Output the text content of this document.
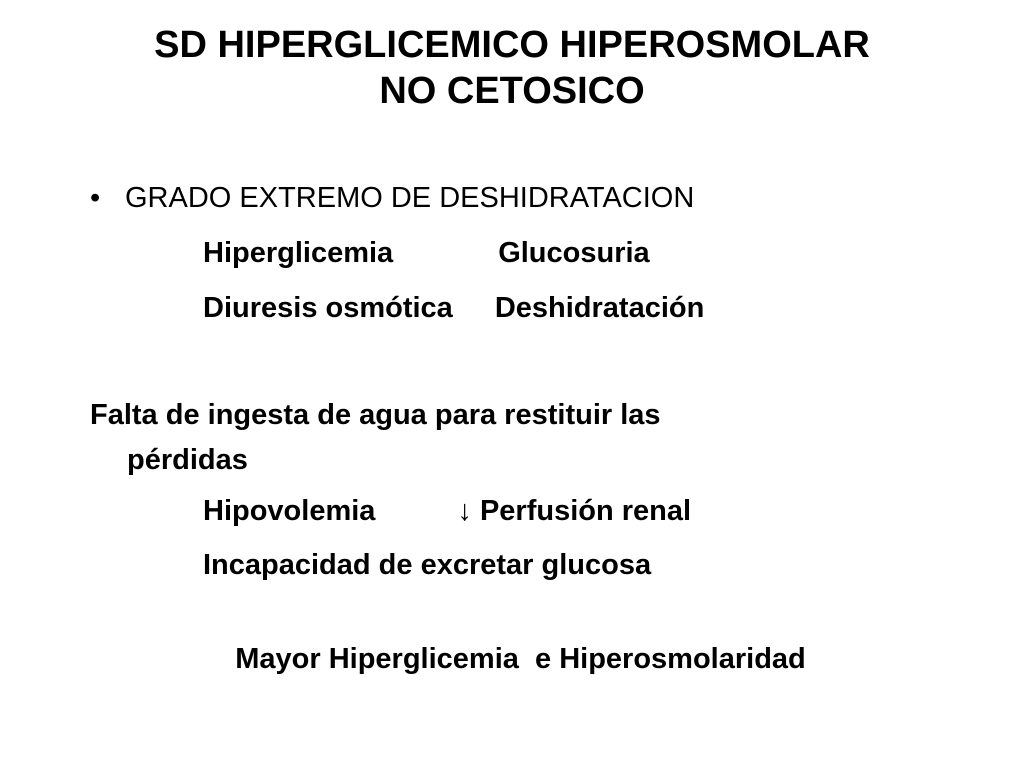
SD HIPERGLICEMICO HIPEROSMOLAR
NO CETOSICO
• GRADO EXTREMO DE DESHIDRATACION
Hiperglicemia	Glucosuria
Diuresis osmótica Deshidratación
Falta de ingesta de agua para restituir las
pérdidas
Hipovolemia	↓ Perfusión renal
Incapacidad de excretar glucosa

Mayor Hiperglicemia  e Hiperosmolaridad
